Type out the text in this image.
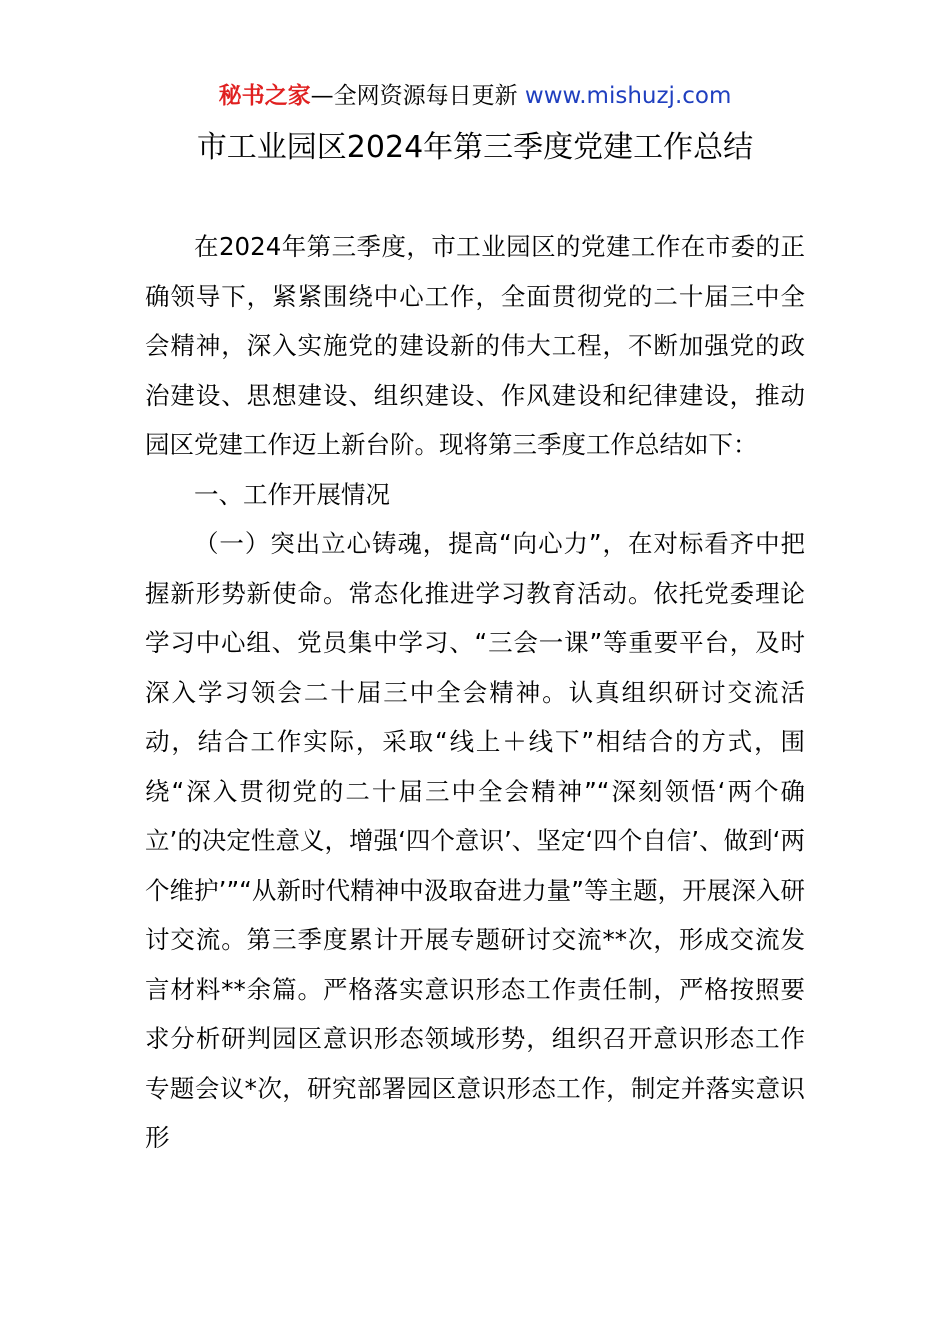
秘书之家—全网资源每日更新 www.mishuzj.com
市工业园区2024年第三季度党建工作总结

在2024年第三季度，市工业园区的党建工作在市委的正确领导下，紧紧围绕中心工作，全面贯彻党的二十届三中全会精神，深入实施党的建设新的伟大工程，不断加强党的政治建设、思想建设、组织建设、作风建设和纪律建设，推动园区党建工作迈上新台阶。现将第三季度工作总结如下：

一、工作开展情况

（一）突出立心铸魂，提高“向心力”，在对标看齐中把握新形势新使命。常态化推进学习教育活动。依托党委理论学习中心组、党员集中学习、“三会一课”等重要平台，及时深入学习领会二十届三中全会精神。认真组织研讨交流活动，结合工作实际，采取“线上＋线下”相结合的方式，围绕“深入贯彻党的二十届三中全会精神”“深刻领悟‘两个确立’的决定性意义，增强‘四个意识’、坚定‘四个自信’、做到‘两个维护’”“从新时代精神中汲取奋进力量”等主题，开展深入研讨交流。第三季度累计开展专题研讨交流**次，形成交流发言材料**余篇。严格落实意识形态工作责任制，严格按照要求分析研判园区意识形态领域形势，组织召开意识形态工作专题会议*次，研究部署园区意识形态工作，制定并落实意识形
